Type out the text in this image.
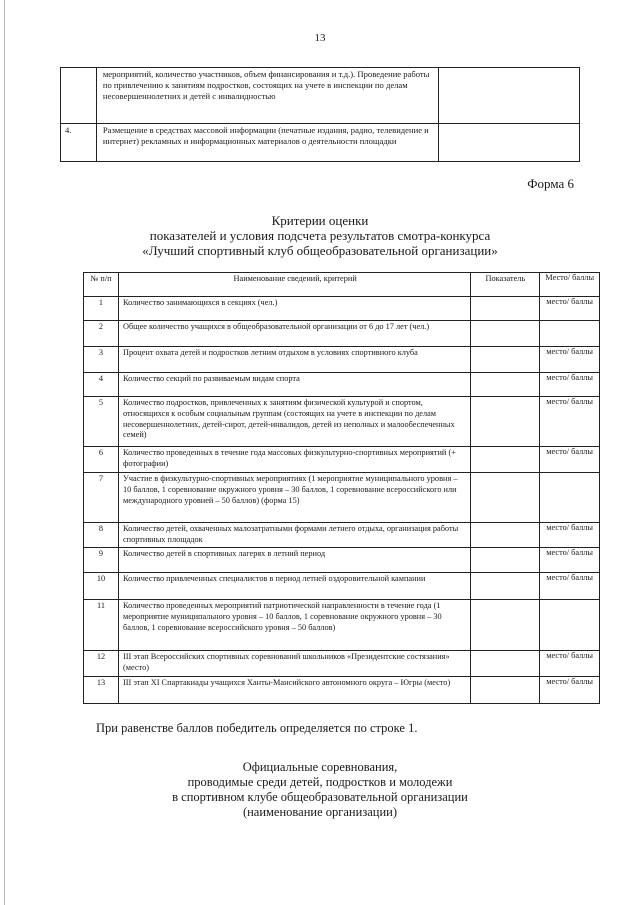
13
	мероприятий, количество участников, объем финансирования и т.д.). Проведение работы по привлечению к занятиям подростков, состоящих на учете в инспекции по делам несовершеннолетних и детей с инвалидностью	
4.	Размещение в средствах массовой информации (печатные издания, радио, телевидение и интернет) рекламных и информационных материалов о деятельности площадки	
Форма 6
Критерии оценки
показателей и условия подсчета результатов смотра-конкурса
«Лучший спортивный клуб общеобразовательной организации»
№ п/п	Наименование сведений, критерий	Показатель	Место/ баллы
1	Количество занимающихся в секциях (чел.)		место/ баллы
2	Общее количество учащихся в общеобразовательной организации от 6 до 17 лет (чел.)		
3	Процент охвата детей и подростков летним отдыхом в условиях спортивного клуба		место/ баллы
4	Количество секций по развиваемым видам спорта		место/ баллы
5	Количество подростков, привлеченных к занятиям физической культурой и спортом, относящихся к особым социальным группам (состоящих на учете в инспекции по делам несовершеннолетних, детей-сирот, детей-инвалидов, детей из неполных и малообеспеченных семей)		место/ баллы
6	Количество проведенных в течение года массовых физкультурно-спортивных мероприятий (+ фотографии)		место/ баллы
7	Участие в физкультурно-спортивных мероприятиях (1 мероприятие муниципального уровня – 10 баллов, 1 соревнование окружного уровня – 30 баллов, 1 соревнование всероссийского или международного уровней – 50 баллов) (форма 15)		
8	Количество детей, охваченных малозатратными формами летнего отдыха, организация работы спортивных площадок		место/ баллы
9	Количество детей в спортивных лагерях в летний период		место/ баллы
10	Количество привлеченных специалистов в период летней оздоровительной кампании		место/ баллы
11	Количество проведенных мероприятий патриотической направленности в течение года (1 мероприятие муниципального уровня – 10 баллов, 1 соревнование окружного уровня – 30 баллов, 1 соревнование всероссийского уровня – 50 баллов)		
12	III этап Всероссийских спортивных соревнований школьников «Президентские состязания» (место)		место/ баллы
13	III этап XI Спартакиады учащихся Ханты-Мансийского автономного округа – Югры (место)		место/ баллы
При равенстве баллов победитель определяется по строке 1.
Официальные соревнования,
проводимые среди детей, подростков и молодежи
в спортивном клубе общеобразовательной организации
(наименование организации)
